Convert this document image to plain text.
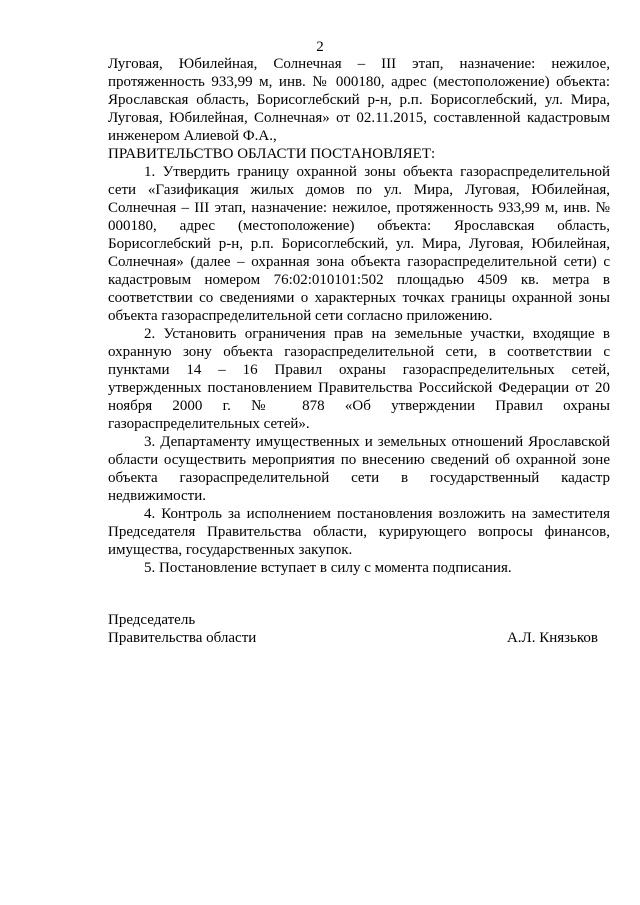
2

Луговая, Юбилейная, Солнечная – III этап, назначение: нежилое, протяженность 933,99 м, инв. № 000180, адрес (местоположение) объекта: Ярославская область, Борисоглебский р-н, р.п. Борисоглебский, ул. Мира, Луговая, Юбилейная, Солнечная» от 02.11.2015, составленной кадастровым инженером Алиевой Ф.А.,

ПРАВИТЕЛЬСТВО ОБЛАСТИ ПОСТАНОВЛЯЕТ:

1. Утвердить границу охранной зоны объекта газораспределительной сети «Газификация жилых домов по ул. Мира, Луговая, Юбилейная, Солнечная – III этап, назначение: нежилое, протяженность 933,99 м, инв. № 000180, адрес (местоположение) объекта: Ярославская область, Борисоглебский р-н, р.п. Борисоглебский, ул. Мира, Луговая, Юбилейная, Солнечная» (далее – охранная зона объекта газораспределительной сети) с кадастровым номером 76:02:010101:502 площадью 4509 кв. метра в соответствии со сведениями о характерных точках границы охранной зоны объекта газораспределительной сети согласно приложению.

2. Установить ограничения прав на земельные участки, входящие в охранную зону объекта газораспределительной сети, в соответствии с пунктами 14 – 16 Правил охраны газораспределительных сетей, утвержденных постановлением Правительства Российской Федерации от 20 ноября 2000 г. № 878 «Об утверждении Правил охраны газораспределительных сетей».

3. Департаменту имущественных и земельных отношений Ярославской области осуществить мероприятия по внесению сведений об охранной зоне объекта газораспределительной сети в государственный кадастр недвижимости.

4. Контроль за исполнением постановления возложить на заместителя Председателя Правительства области, курирующего вопросы финансов, имущества, государственных закупок.

5. Постановление вступает в силу с момента подписания.

Председатель
Правительства области	А.Л. Князьков
